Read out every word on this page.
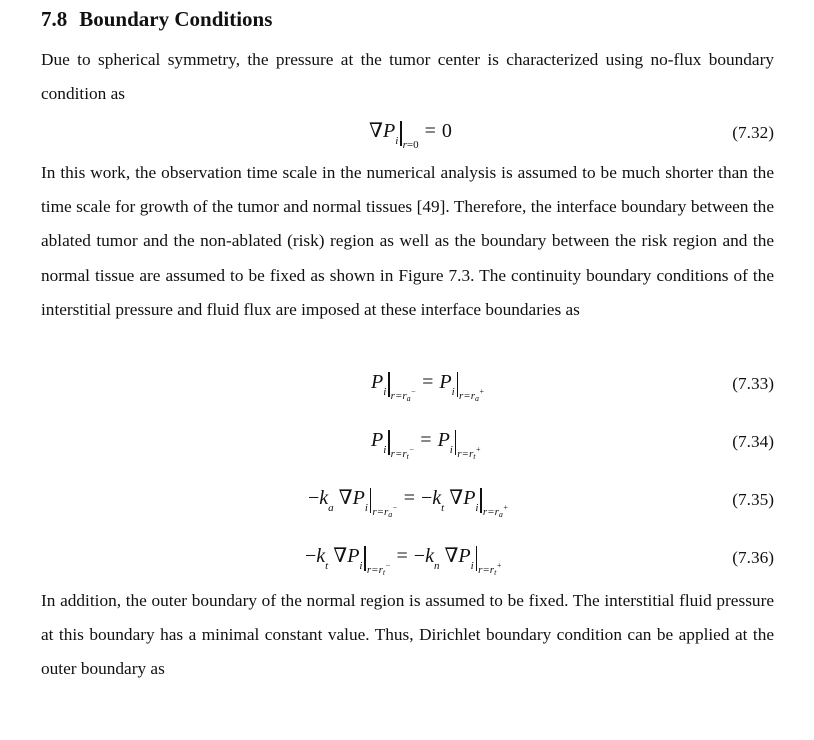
7.8 Boundary Conditions
Due to spherical symmetry, the pressure at the tumor center is characterized using no-flux boundary condition as
$\nabla P_i$ $_{r=0}$= 0	(7.32)
In this work, the observation time scale in the numerical analysis is assumed to be much shorter than the time scale for growth of the tumor and normal tissues [49]. Therefore, the interface boundary between the ablated tumor and the non-ablated (risk) region as well as the boundary between the risk region and the normal tissue are assumed to be fixed as shown in Figure 7.3. The continuity boundary conditions of the interstitial pressure and fluid flux are imposed at these interface boundaries as
$P_i$ $_{r=r_a^-} = P_i$ $_{r=r_a^+}$	(7.33)
$P_i$ $_{r=r_t^-} = P_i$ $_{r=r_t^+}$	(7.34)
$-k_a$ $\nabla P_i$ $_{r=r_a^-} = -k_t$ $\nabla P_i$ $_{r=r_a^+}$	(7.35)
$-k_t$ $\nabla P_i$ $_{r=r_t^-} = -k_n$ $\nabla P_i$ $_{r=r_t^+}$	(7.36)
In addition, the outer boundary of the normal region is assumed to be fixed. The interstitial fluid pressure at this boundary has a minimal constant value. Thus, Dirichlet boundary condition can be applied at the outer boundary as
